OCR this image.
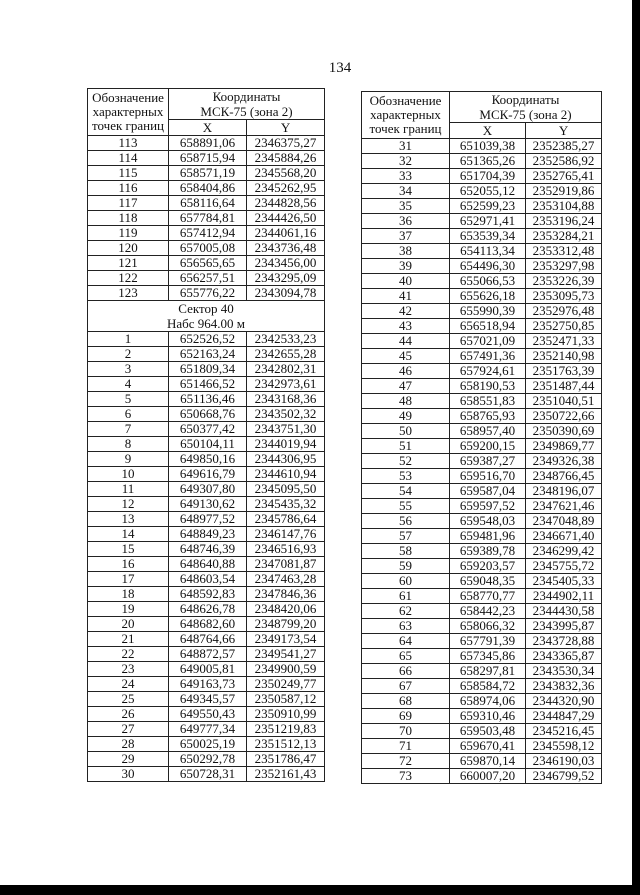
134
Обозначение
характерных
точек границ	Координаты	
	МСК-75 (зона 2)	
	X	Y
113	658891,06	2346375,27
114	658715,94	2345884,26
115	658571,19	2345568,20
116	658404,86	2345262,95
117	658116,64	2344828,56
118	657784,81	2344426,50
119	657412,94	2344061,16
120	657005,08	2343736,48
121	656565,65	2343456,00
122	656257,51	2343295,09
123	655776,22	2343094,78

Сектор 40
Набс 964.00 м		

1	652526,52	2342533,23
2	652163,24	2342655,28
3	651809,34	2342802,31
4	651466,52	2342973,61
5	651136,46	2343168,36
6	650668,76	2343502,32
7	650377,42	2343751,30
8	650104,11	2344019,94
9	649850,16	2344306,95
10	649616,79	2344610,94
11	649307,80	2345095,50
12	649130,62	2345435,32
13	648977,52	2345786,64
14	648849,23	2346147,76
15	648746,39	2346516,93
16	648640,88	2347081,87
17	648603,54	2347463,28
18	648592,83	2347846,36
19	648626,78	2348420,06
20	648682,60	2348799,20
21	648764,66	2349173,54
22	648872,57	2349541,27
23	649005,81	2349900,59
24	649163,73	2350249,77
25	649345,57	2350587,12
26	649550,43	2350910,99
27	649777,34	2351219,83
28	650025,19	2351512,13
29	650292,78	2351786,47
30	650728,31	2352161,43
Обозначение
характерных
точек границ	Координаты	
	МСК-75 (зона 2)	
	X	Y
31	651039,38	2352385,27
32	651365,26	2352586,92
33	651704,39	2352765,41
34	652055,12	2352919,86
35	652599,23	2353104,88
36	652971,41	2353196,24
37	653539,34	2353284,21
38	654113,34	2353312,48
39	654496,30	2353297,98
40	655066,53	2353226,39
41	655626,18	2353095,73
42	655990,39	2352976,48
43	656518,94	2352750,85
44	657021,09	2352471,33
45	657491,36	2352140,98
46	657924,61	2351763,39
47	658190,53	2351487,44
48	658551,83	2351040,51
49	658765,93	2350722,66
50	658957,40	2350390,69
51	659200,15	2349869,77
52	659387,27	2349326,38
53	659516,70	2348766,45
54	659587,04	2348196,07
55	659597,52	2347621,46
56	659548,03	2347048,89
57	659481,96	2346671,40
58	659389,78	2346299,42
59	659203,57	2345755,72
60	659048,35	2345405,33
61	658770,77	2344902,11
62	658442,23	2344430,58
63	658066,32	2343995,87
64	657791,39	2343728,88
65	657345,86	2343365,87
66	658297,81	2343530,34
67	658584,72	2343832,36
68	658974,06	2344320,90
69	659310,46	2344847,29
70	659503,48	2345216,45
71	659670,41	2345598,12
72	659870,14	2346190,03
73	660007,20	2346799,52
